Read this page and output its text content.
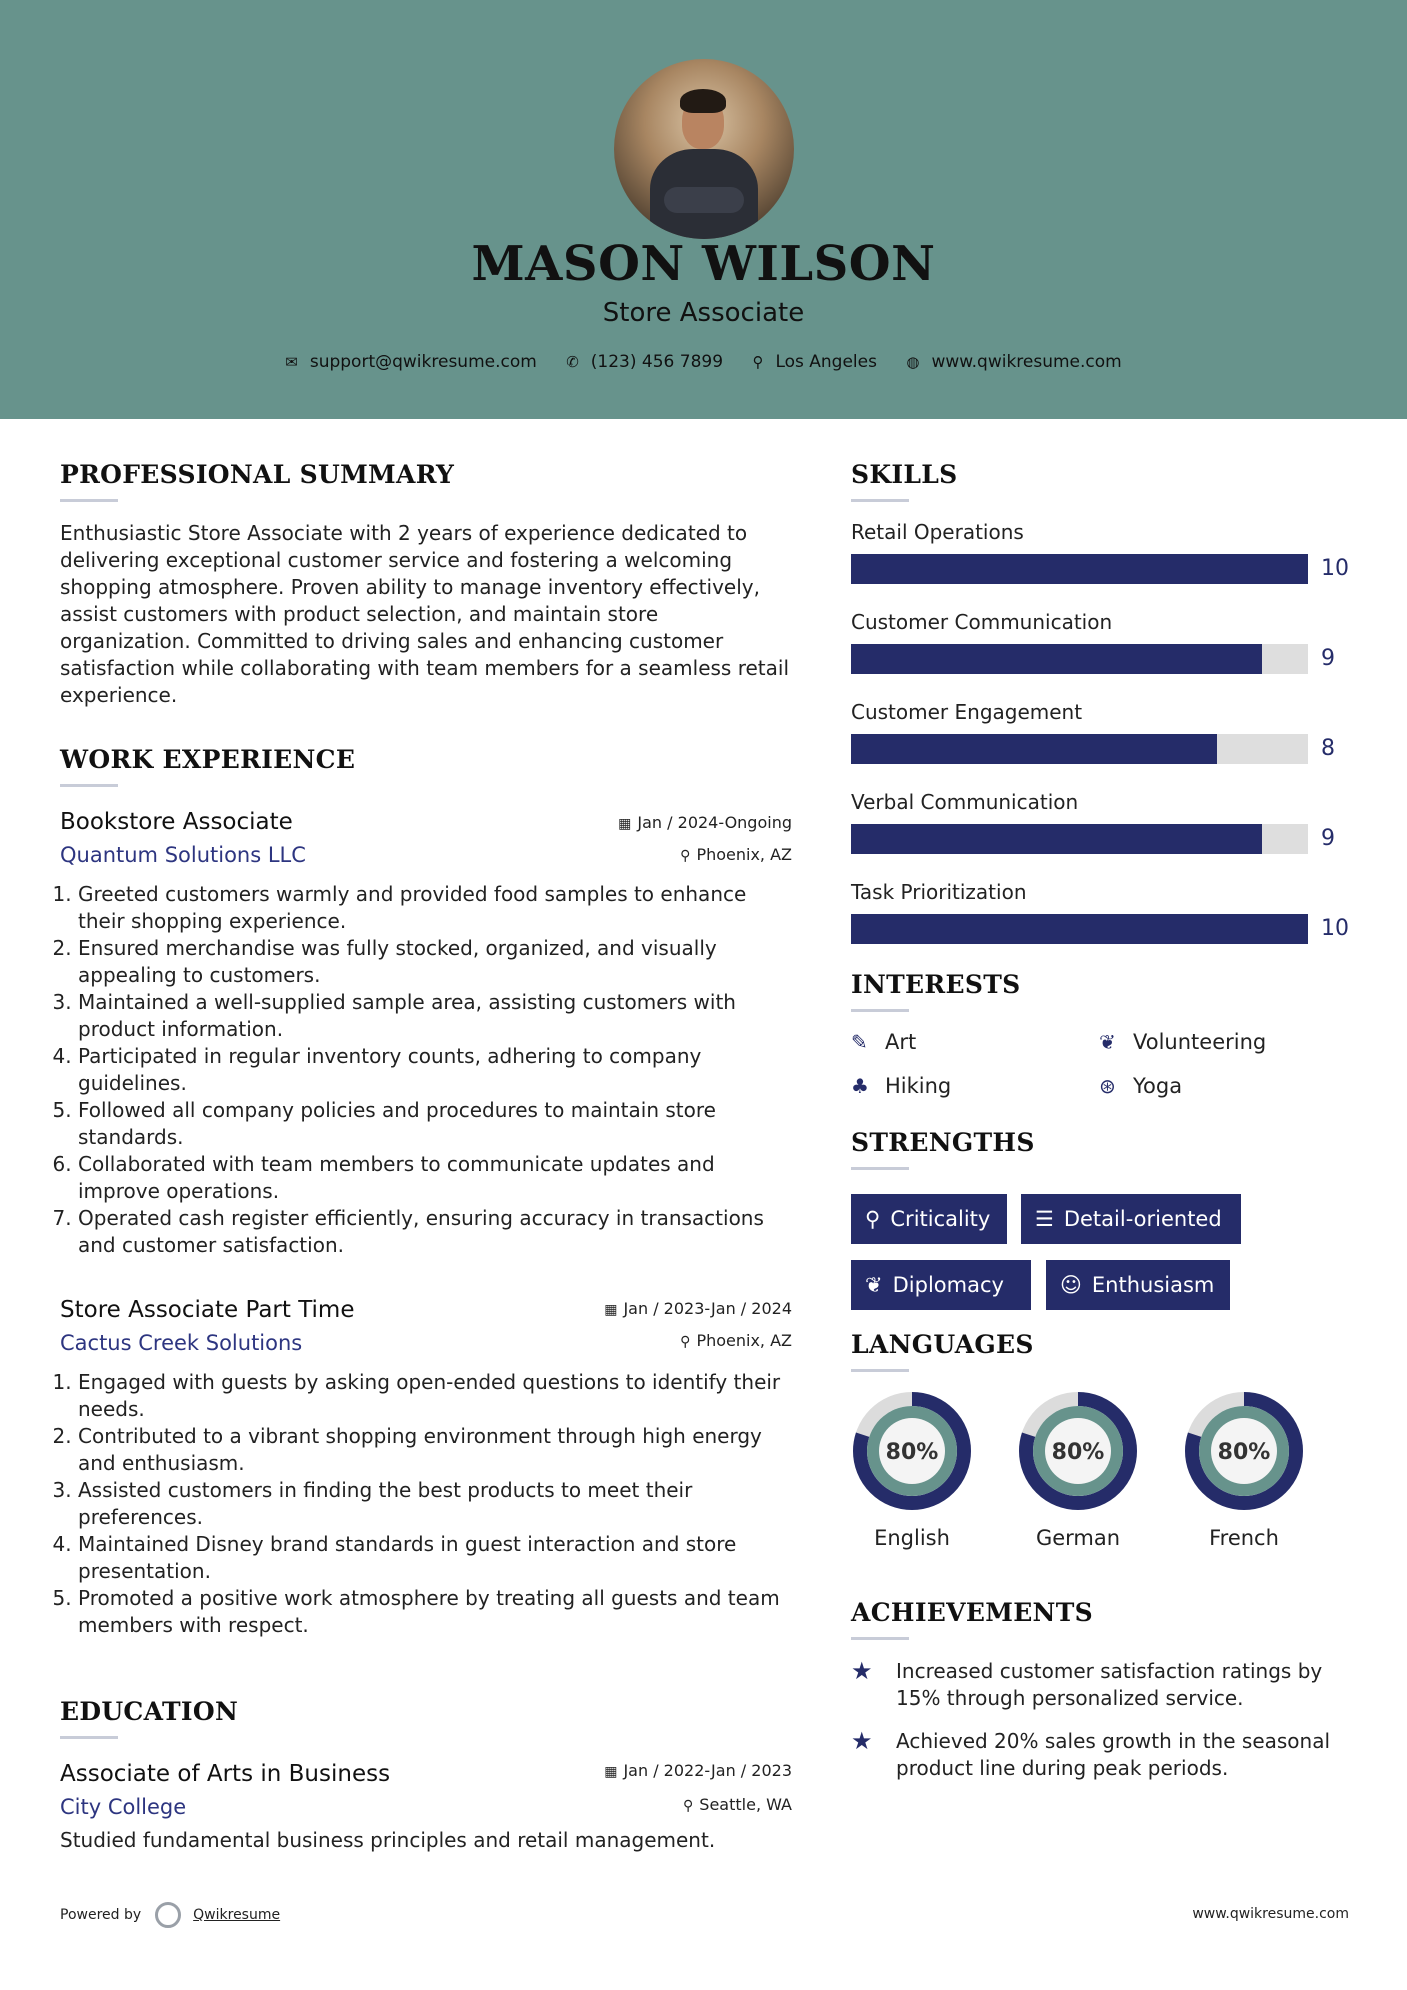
MASON WILSON
Store Associate
✉ support@qwikresume.com ✆ (123) 456 7899 ⚲ Los Angeles ◍ www.qwikresume.com
PROFESSIONAL SUMMARY
Enthusiastic Store Associate with 2 years of experience dedicated to delivering exceptional customer service and fostering a welcoming shopping atmosphere. Proven ability to manage inventory effectively, assist customers with product selection, and maintain store organization. Committed to driving sales and enhancing customer satisfaction while collaborating with team members for a seamless retail experience.
WORK EXPERIENCE
▦ Jan / 2024-Ongoing
⚲ Phoenix, AZ
Bookstore Associate
Quantum Solutions LLC
1. Greeted customers warmly and provided food samples to enhance their shopping experience.
2. Ensured merchandise was fully stocked, organized, and visually appealing to customers.
3. Maintained a well-supplied sample area, assisting customers with product information.
4. Participated in regular inventory counts, adhering to company guidelines.
5. Followed all company policies and procedures to maintain store standards.
6. Collaborated with team members to communicate updates and improve operations.
7. Operated cash register efficiently, ensuring accuracy in transactions and customer satisfaction.
▦ Jan / 2023-Jan / 2024
⚲ Phoenix, AZ
Store Associate Part Time
Cactus Creek Solutions
1. Engaged with guests by asking open-ended questions to identify their needs.
2. Contributed to a vibrant shopping environment through high energy and enthusiasm.
3. Assisted customers in finding the best products to meet their preferences.
4. Maintained Disney brand standards in guest interaction and store presentation.
5. Promoted a positive work atmosphere by treating all guests and team members with respect.
EDUCATION
▦ Jan / 2022-Jan / 2023
⚲ Seattle, WA
Associate of Arts in Business
City College
Studied fundamental business principles and retail management.
SKILLS
Retail Operations
10
Customer Communication
9
Customer Engagement
8
Verbal Communication
9
Task Prioritization
10
INTERESTS
✎ Art	❦ Volunteering
♣ Hiking	⊛ Yoga
STRENGTHS
⚲ Criticality	☰ Detail-oriented
❦ Diplomacy	☺ Enthusiasm
LANGUAGES
80%
English
80%
German
80%
French
ACHIEVEMENTS
★ Increased customer satisfaction ratings by 15% through personalized service.
★ Achieved 20% sales growth in the seasonal product line during peak periods.
Powered by	Qwikresume	www.qwikresume.com
